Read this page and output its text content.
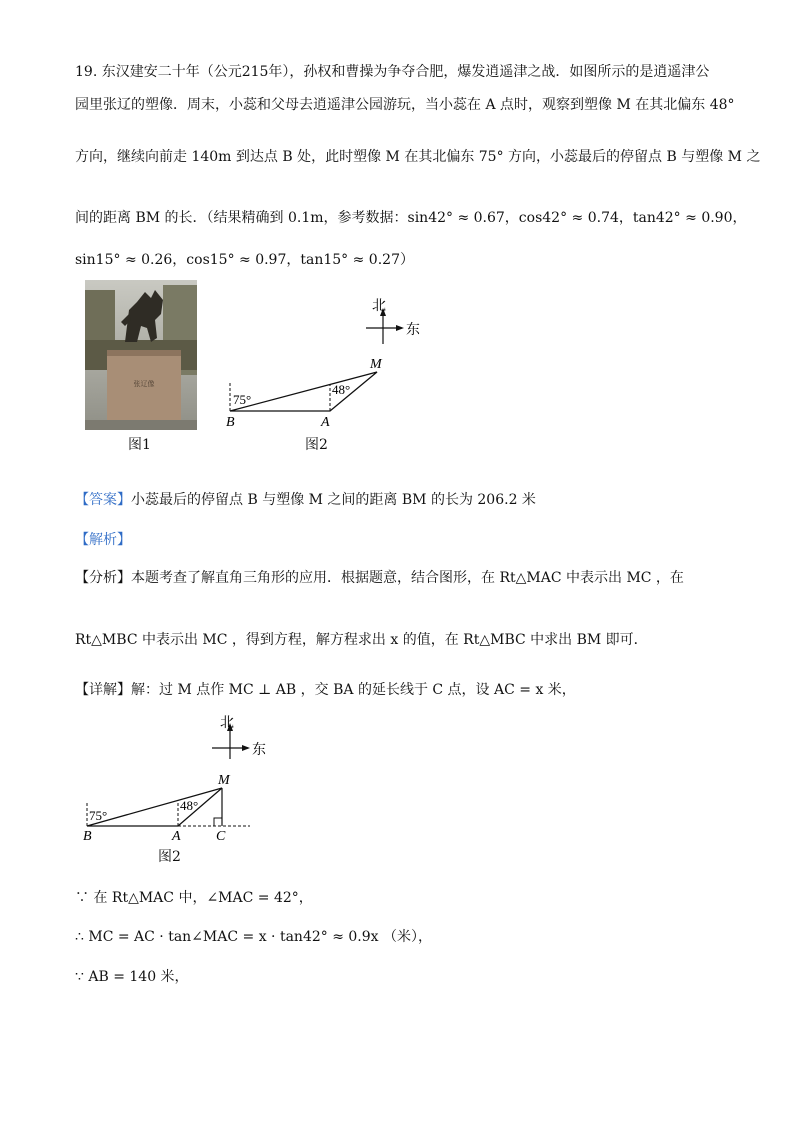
19. 东汉建安二十年（公元215年），孙权和曹操为争夺合肥，爆发逍遥津之战．如图所示的是逍遥津公
园里张辽的塑像．周末，小蕊和父母去逍遥津公园游玩，当小蕊在 A 点时，观察到塑像 M 在其北偏东 48°
方向，继续向前走 140m 到达点 B 处，此时塑像 M 在其北偏东 75° 方向，小蕊最后的停留点 B 与塑像 M 之
间的距离 BM 的长．（结果精确到 0.1m，参考数据：sin42° ≈ 0.67，cos42° ≈ 0.74，tan42° ≈ 0.90，
sin15° ≈ 0.26，cos15° ≈ 0.97，tan15° ≈ 0.27）
张辽像
图1
北
东
M
A
B
75°
48°
图2
【答案】小蕊最后的停留点 B 与塑像 M 之间的距离 BM 的长为 206.2 米
【解析】
【分析】本题考查了解直角三角形的应用．根据题意，结合图形，在 Rt△MAC 中表示出 MC ，在
Rt△MBC 中表示出 MC ，得到方程，解方程求出 x 的值，在 Rt△MBC 中求出 BM 即可．
【详解】解：过 M 点作 MC ⊥ AB ，交 BA 的延长线于 C 点，设 AC = x 米，
北
东
M
A
B	C
75°
48°
图2
∵ 在 Rt△MAC 中，∠MAC = 42°，
∴ MC = AC · tan∠MAC = x · tan42° ≈ 0.9x （米），
∵ AB = 140 米，
